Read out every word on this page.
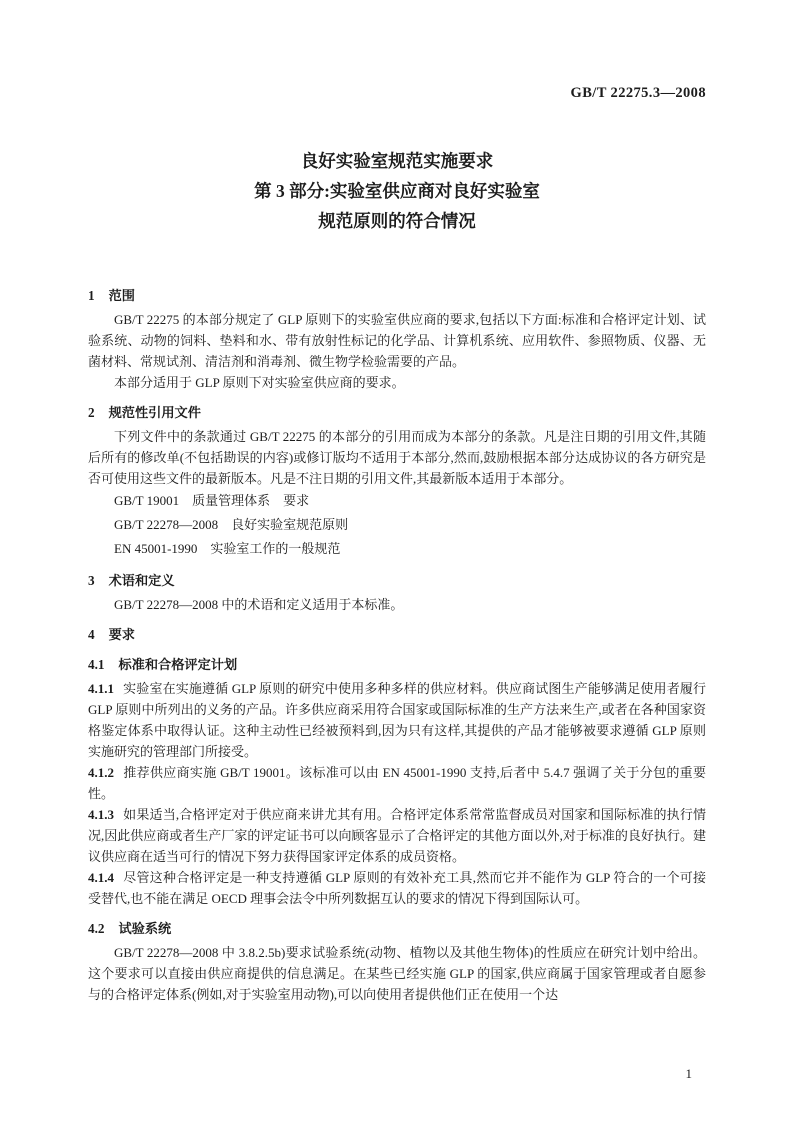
GB/T 22275.3—2008
良好实验室规范实施要求
第 3 部分:实验室供应商对良好实验室
规范原则的符合情况
1 范围

GB/T 22275 的本部分规定了 GLP 原则下的实验室供应商的要求,包括以下方面:标准和合格评定计划、试验系统、动物的饲料、垫料和水、带有放射性标记的化学品、计算机系统、应用软件、参照物质、仪器、无菌材料、常规试剂、清洁剂和消毒剂、微生物学检验需要的产品。

本部分适用于 GLP 原则下对实验室供应商的要求。

2 规范性引用文件

下列文件中的条款通过 GB/T 22275 的本部分的引用而成为本部分的条款。凡是注日期的引用文件,其随后所有的修改单(不包括勘误的内容)或修订版均不适用于本部分,然而,鼓励根据本部分达成协议的各方研究是否可使用这些文件的最新版本。凡是不注日期的引用文件,其最新版本适用于本部分。

GB/T 19001　质量管理体系　要求

GB/T 22278—2008　良好实验室规范原则

EN 45001-1990　实验室工作的一般规范

3 术语和定义

GB/T 22278—2008 中的术语和定义适用于本标准。

4 要求
4.1 标准和合格评定计划

4.1.1 实验室在实施遵循 GLP 原则的研究中使用多种多样的供应材料。供应商试图生产能够满足使用者履行 GLP 原则中所列出的义务的产品。许多供应商采用符合国家或国际标准的生产方法来生产,或者在各种国家资格鉴定体系中取得认证。这种主动性已经被预料到,因为只有这样,其提供的产品才能够被要求遵循 GLP 原则实施研究的管理部门所接受。

4.1.2 推荐供应商实施 GB/T 19001。该标准可以由 EN 45001-1990 支持,后者中 5.4.7 强调了关于分包的重要性。

4.1.3 如果适当,合格评定对于供应商来讲尤其有用。合格评定体系常常监督成员对国家和国际标准的执行情况,因此供应商或者生产厂家的评定证书可以向顾客显示了合格评定的其他方面以外,对于标准的良好执行。建议供应商在适当可行的情况下努力获得国家评定体系的成员资格。

4.1.4 尽管这种合格评定是一种支持遵循 GLP 原则的有效补充工具,然而它并不能作为 GLP 符合的一个可接受替代,也不能在满足 OECD 理事会法令中所列数据互认的要求的情况下得到国际认可。

4.2 试验系统

GB/T 22278—2008 中 3.8.2.5b)要求试验系统(动物、植物以及其他生物体)的性质应在研究计划中给出。这个要求可以直接由供应商提供的信息满足。在某些已经实施 GLP 的国家,供应商属于国家管理或者自愿参与的合格评定体系(例如,对于实验室用动物),可以向使用者提供他们正在使用一个达

1
